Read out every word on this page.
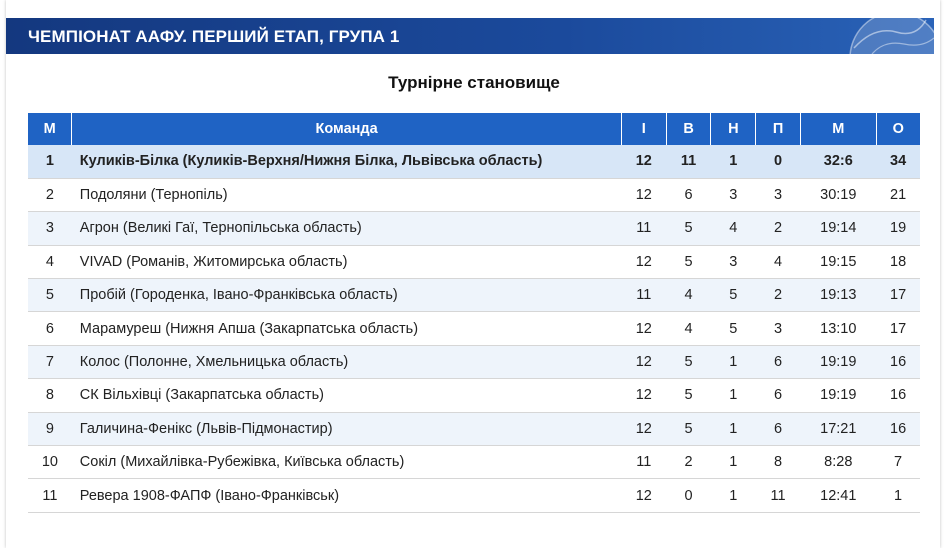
ЧЕМПІОНАТ ААФУ. ПЕРШИЙ ЕТАП, ГРУПА 1
Турнірне становище
М	Команда	І	В	Н	П	М	О
1	Куликів-Білка (Куликів-Верхня/Нижня Білка, Львівська область)	12	11	1	0	32:6	34
2	Подоляни (Тернопіль)	12	6	3	3	30:19	21
3	Агрон (Великі Гаї, Тернопільська область)	11	5	4	2	19:14	19
4	VIVAD (Романів, Житомирська область)	12	5	3	4	19:15	18
5	Пробій (Городенка, Івано-Франківська область)	11	4	5	2	19:13	17
6	Марамуреш (Нижня Апша (Закарпатська область)	12	4	5	3	13:10	17
7	Колос (Полонне, Хмельницька область)	12	5	1	6	19:19	16
8	СК Вільхівці (Закарпатська область)	12	5	1	6	19:19	16
9	Галичина-Фенікс (Львів-Підмонастир)	12	5	1	6	17:21	16
10	Сокіл (Михайлівка-Рубежівка, Київська область)	11	2	1	8	8:28	7
11	Ревера 1908-ФАПФ (Івано-Франківськ)	12	0	1	11	12:41	1
